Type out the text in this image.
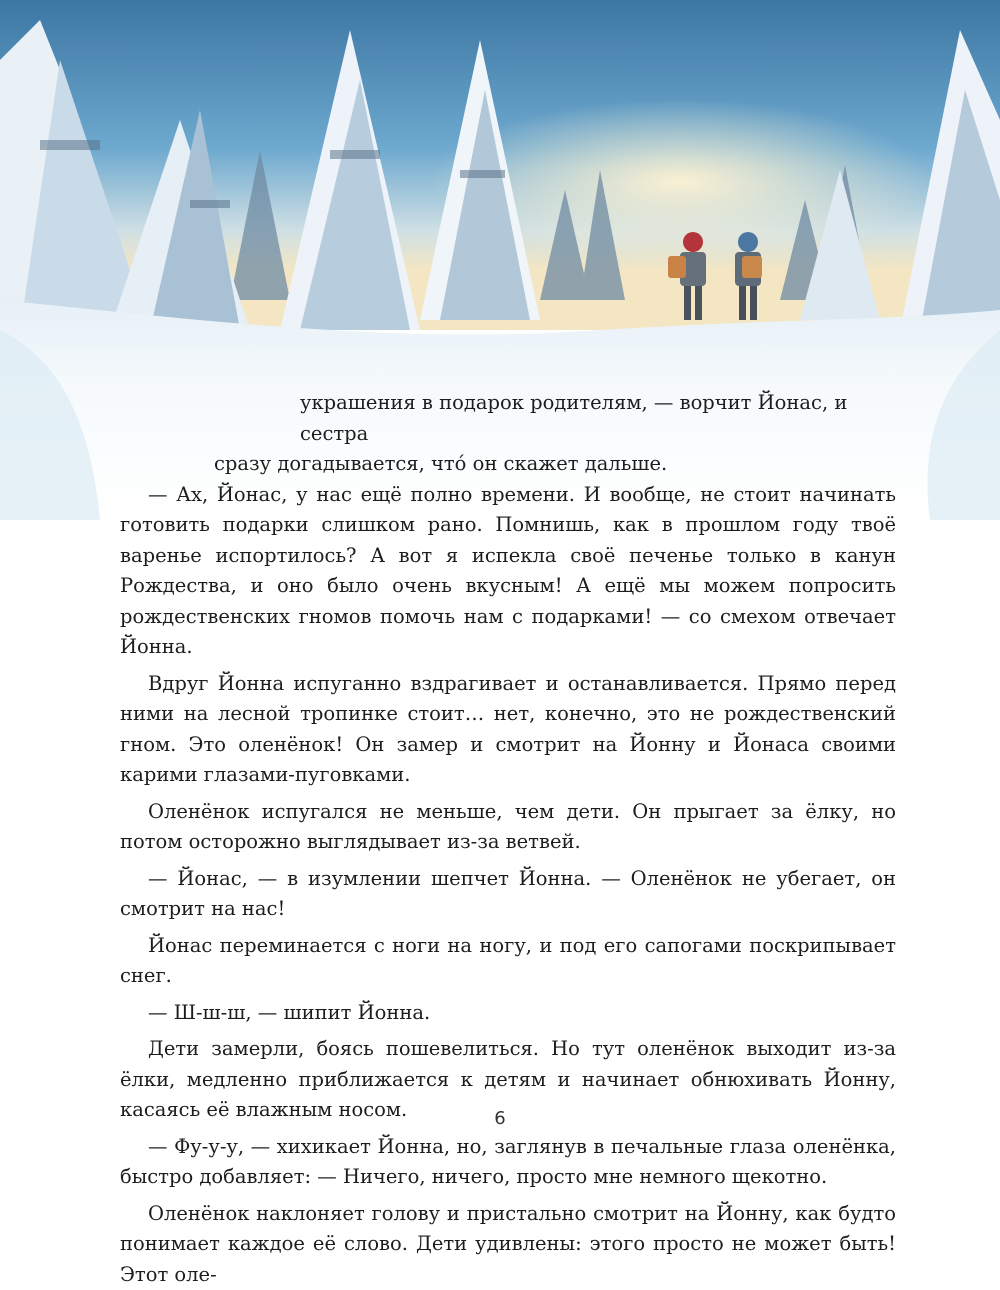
украшения в подарок родителям, — ворчит Йонас, и сестра
сразу догадывается, что́ он скажет дальше.

— Ах, Йонас, у нас ещё полно времени. И вообще, не стоит начинать готовить подарки слишком рано. Помнишь, как в прошлом году твоё варенье испортилось? А вот я испекла своё печенье только в канун Рождества, и оно было очень вкусным! А ещё мы можем попросить рождественских гномов помочь нам с подарками! — со смехом отвечает Йонна.

Вдруг Йонна испуганно вздрагивает и останавливается. Прямо перед ними на лесной тропинке стоит… нет, конечно, это не рождественский гном. Это оленёнок! Он замер и смотрит на Йонну и Йонаса своими карими глазами-пуговками.

Оленёнок испугался не меньше, чем дети. Он прыгает за ёлку, но потом осторожно выглядывает из-за ветвей.

— Йонас, — в изумлении шепчет Йонна. — Оленёнок не убегает, он смотрит на нас!

Йонас переминается с ноги на ногу, и под его сапогами поскрипывает снег.

— Ш-ш-ш, — шипит Йонна.

Дети замерли, боясь пошевелиться. Но тут оленёнок выходит из-за ёлки, медленно приближается к детям и начинает обнюхивать Йонну, касаясь её влажным носом.

— Фу-у-у, — хихикает Йонна, но, заглянув в печальные глаза оленёнка, быстро добавляет: — Ничего, ничего, просто мне немного щекотно.

Оленёнок наклоняет голову и пристально смотрит на Йонну, как будто понимает каждое её слово. Дети удивлены: этого просто не может быть! Этот оле-

6
